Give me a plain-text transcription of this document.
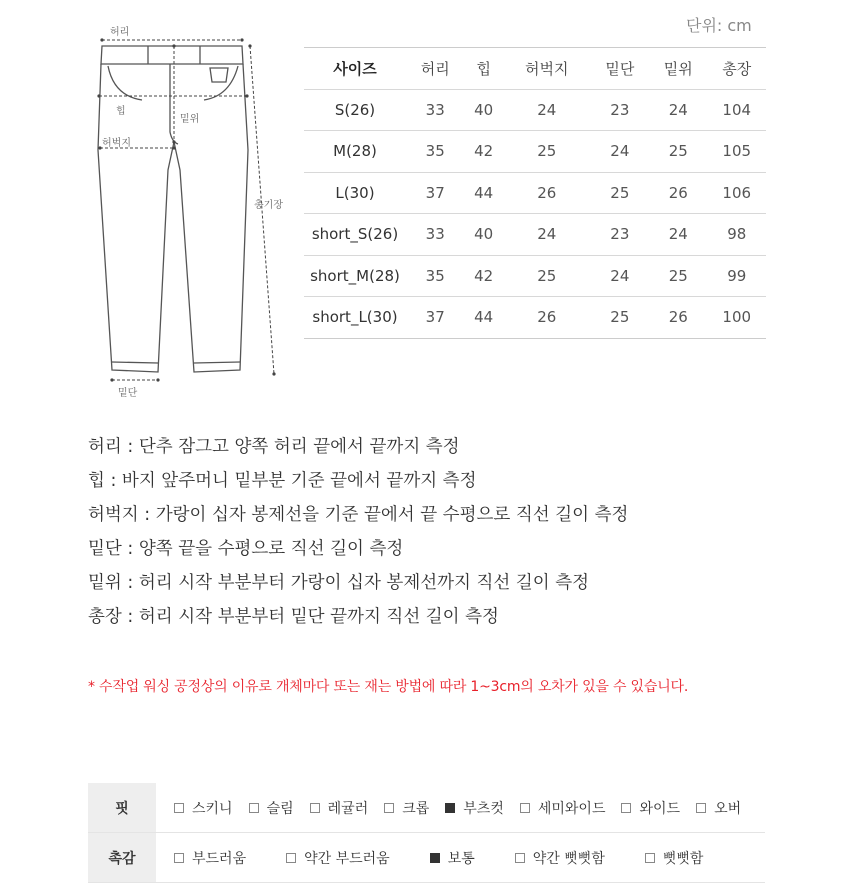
단위: cm
허리
힙
밑위
허벅지
총기장
밑단
사이즈	허리	힙	허벅지	밑단	밑위	총장
S(26)	33	40	24	23	24	104
M(28)	35	42	25	24	25	105
L(30)	37	44	26	25	26	106
short_S(26)	33	40	24	23	24	98
short_M(28)	35	42	25	24	25	99
short_L(30)	37	44	26	25	26	100
허리 : 단추 잠그고 양쪽 허리 끝에서 끝까지 측정
힙 : 바지 앞주머니 밑부분 기준 끝에서 끝까지 측정
허벅지 : 가랑이 십자 봉제선을 기준 끝에서 끝 수평으로 직선 길이 측정
밑단 : 양쪽 끝을 수평으로 직선 길이 측정
밑위 : 허리 시작 부분부터 가랑이 십자 봉제선까지 직선 길이 측정
총장 : 허리 시작 부분부터 밑단 끝까지 직선 길이 측정
* 수작업 워싱 공정상의 이유로 개체마다 또는 재는 방법에 따라 1~3cm의 오차가 있을 수 있습니다.
핏	스키니 슬림 레귤러 크롭 부츠컷 세미와이드 와이드 오버
촉감	부드러움	약간 부드러움	보통	약간 뻣뻣함	뻣뻣함
